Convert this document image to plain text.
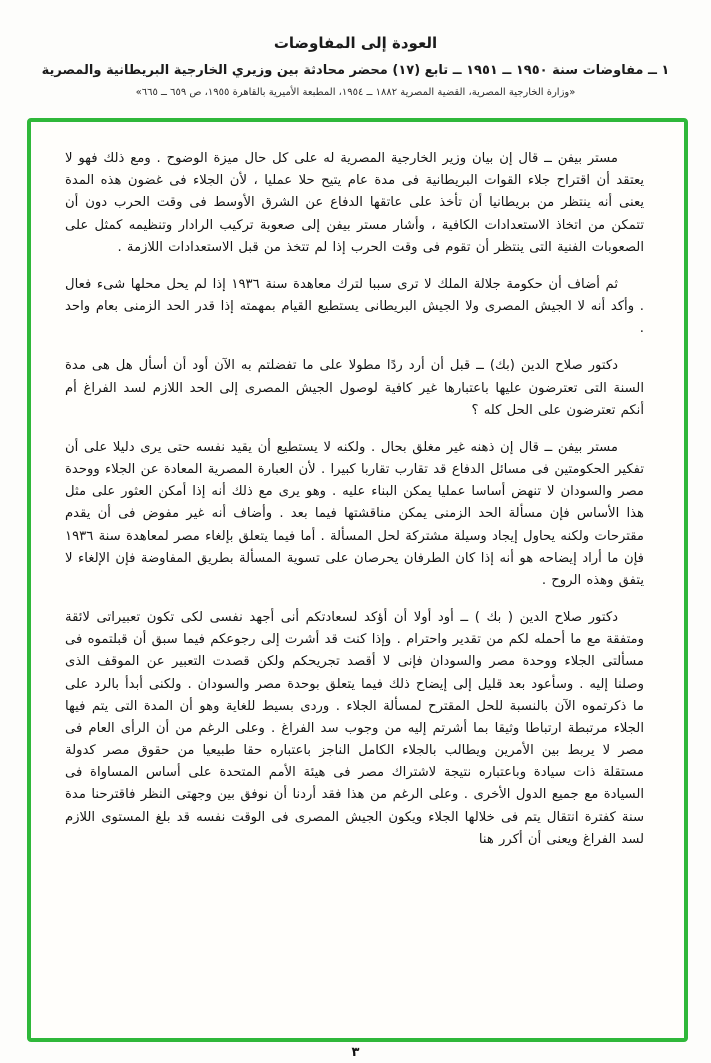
العودة إلى المفاوضات
١ ــ مفاوضات سنة ١٩٥٠ ــ ١٩٥١ ــ تابع (١٧) محضر محادثة بين وزيري الخارجية البريطانية والمصرية
«وزارة الخارجية المصرية، القضية المصرية ١٨٨٢ ــ ١٩٥٤، المطبعة الأميرية بالقاهرة ١٩٥٥، ص ٦٥٩ ــ ٦٦٥»

مستر بيفن ــ قال إن بيان وزير الخارجية المصرية له على كل حال ميزة الوضوح . ومع ذلك فهو لا يعتقد أن اقتراح جلاء القوات البريطانية فى مدة عام يتيح حلا عمليا ، لأن الجلاء فى غضون هذه المدة يعنى أنه ينتظر من بريطانيا أن تأخذ على عاتقها الدفاع عن الشرق الأوسط فى وقت الحرب دون أن تتمكن من اتخاذ الاستعدادات الكافية ، وأشار مستر بيفن إلى صعوبة تركيب الرادار وتنظيمه كمثل على الصعوبات الفنية التى ينتظر أن تقوم فى وقت الحرب إذا لم تتخذ من قبل الاستعدادات اللازمة .

ثم أضاف أن حكومة جلالة الملك لا ترى سببا لترك معاهدة سنة ١٩٣٦ إذا لم يحل محلها شىء فعال . وأكد أنه لا الجيش المصرى ولا الجيش البريطانى يستطيع القيام بمهمته إذا قدر الحد الزمنى بعام واحد .

دكتور صلاح الدين (بك) ــ قبل أن أرد ردًا مطولا على ما تفضلتم به الآن أود أن أسأل هل هى مدة السنة التى تعترضون عليها باعتبارها غير كافية لوصول الجيش المصرى إلى الحد اللازم لسد الفراغ أم أنكم تعترضون على الحل كله ؟

مستر بيفن ــ قال إن ذهنه غير مغلق بحال . ولكنه لا يستطيع أن يقيد نفسه حتى يرى دليلا على أن تفكير الحكومتين فى مسائل الدفاع قد تقارب تقاربا كبيرا . لأن العبارة المصرية المعادة عن الجلاء ووحدة مصر والسودان لا تنهض أساسا عمليا يمكن البناء عليه . وهو يرى مع ذلك أنه إذا أمكن العثور على مثل هذا الأساس فإن مسألة الحد الزمنى يمكن مناقشتها فيما بعد . وأضاف أنه غير مفوض فى أن يقدم مقترحات ولكنه يحاول إيجاد وسيلة مشتركة لحل المسألة . أما فيما يتعلق بإلغاء مصر لمعاهدة سنة ١٩٣٦ فإن ما أراد إيضاحه هو أنه إذا كان الطرفان يحرصان على تسوية المسألة بطريق المفاوضة فإن الإلغاء لا يتفق وهذه الروح .

دكتور صلاح الدين ( بك ) ــ أود أولا أن أؤكد لسعادتكم أنى أجهد نفسى لكى تكون تعبيراتى لائقة ومتفقة مع ما أحمله لكم من تقدير واحترام . وإذا كنت قد أشرت إلى رجوعكم فيما سبق أن قبلتموه فى مسألتى الجلاء ووحدة مصر والسودان فإنى لا أقصد تجريحكم ولكن قصدت التعبير عن الموقف الذى وصلنا إليه . وسأعود بعد قليل إلى إيضاح ذلك فيما يتعلق بوحدة مصر والسودان . ولكنى أبدأ بالرد على ما ذكرتموه الآن بالنسبة للحل المقترح لمسألة الجلاء . وردى بسيط للغاية وهو أن المدة التى يتم فيها الجلاء مرتبطة ارتباطا وثيقا بما أشرتم إليه من وجوب سد الفراغ . وعلى الرغم من أن الرأى العام فى مصر لا يربط بين الأمرين ويطالب بالجلاء الكامل الناجز باعتباره حقا طبيعيا من حقوق مصر كدولة مستقلة ذات سيادة وباعتباره نتيجة لاشتراك مصر فى هيئة الأمم المتحدة على أساس المساواة فى السيادة مع جميع الدول الأخرى . وعلى الرغم من هذا فقد أردنا أن نوفق بين وجهتى النظر فاقترحنا مدة سنة كفترة انتقال يتم فى خلالها الجلاء ويكون الجيش المصرى فى الوقت نفسه قد بلغ المستوى اللازم لسد الفراغ ويعنى أن أكرر هنا

٣
